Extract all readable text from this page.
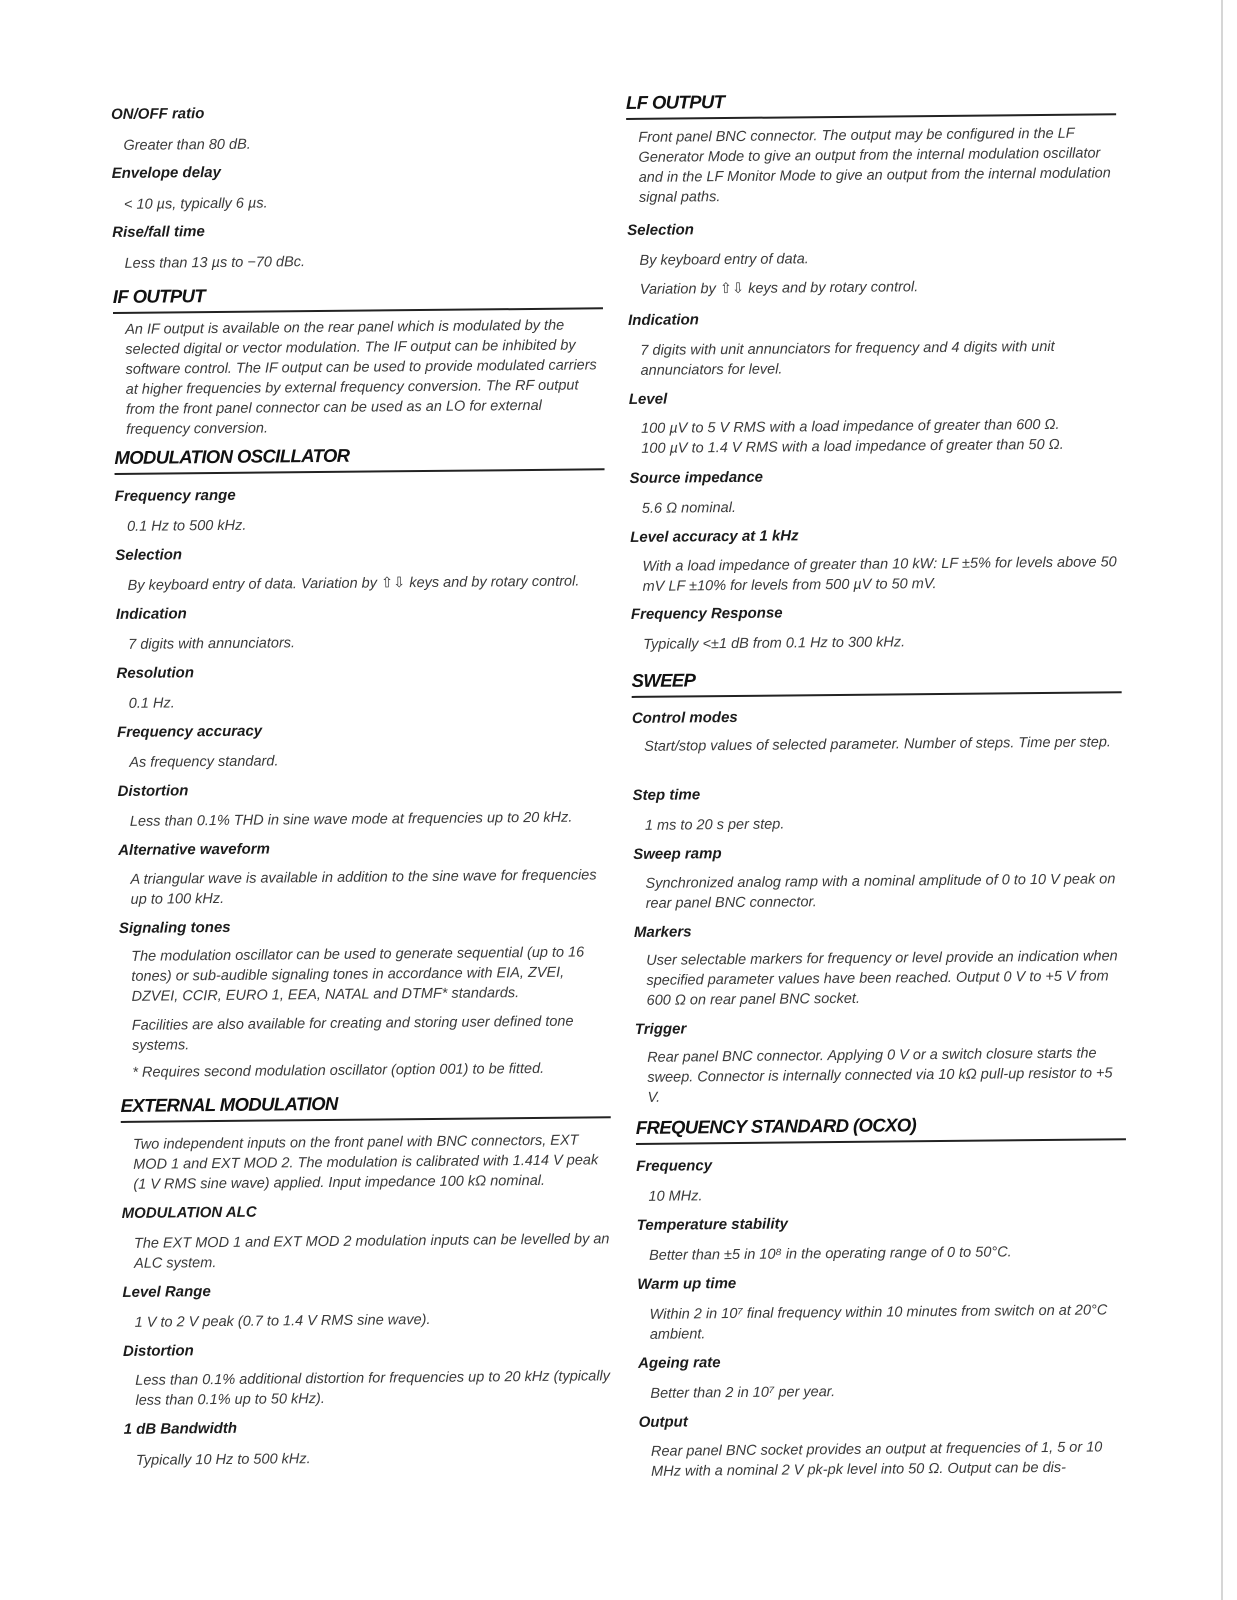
ON/OFF ratio

Greater than 80 dB.

Envelope delay

< 10 µs, typically 6 µs.

Rise/fall time

Less than 13 µs to −70 dBc.

IF OUTPUT

An IF output is available on the rear panel which is modulated by the selected digital or vector modulation. The IF output can be inhibited by software control. The IF output can be used to provide modulated carriers at higher frequencies by external frequency conversion. The RF output from the front panel connector can be used as an LO for external frequency conversion.

MODULATION OSCILLATOR

Frequency range

0.1 Hz to 500 kHz.

Selection

By keyboard entry of data. Variation by ⇧⇩ keys and by rotary control.

Indication

7 digits with annunciators.

Resolution

0.1 Hz.

Frequency accuracy

As frequency standard.

Distortion

Less than 0.1% THD in sine wave mode at frequencies up to 20 kHz.

Alternative waveform

A triangular wave is available in addition to the sine wave for frequencies up to 100 kHz.

Signaling tones

The modulation oscillator can be used to generate sequential (up to 16 tones) or sub-audible signaling tones in accordance with EIA, ZVEI, DZVEI, CCIR, EURO 1, EEA, NATAL and DTMF* standards.

Facilities are also available for creating and storing user defined tone systems.

* Requires second modulation oscillator (option 001) to be fitted.

EXTERNAL MODULATION

Two independent inputs on the front panel with BNC connectors, EXT MOD 1 and EXT MOD 2. The modulation is calibrated with 1.414 V peak (1 V RMS sine wave) applied. Input impedance 100 kΩ nominal.

MODULATION ALC

The EXT MOD 1 and EXT MOD 2 modulation inputs can be levelled by an ALC system.

Level Range

1 V to 2 V peak (0.7 to 1.4 V RMS sine wave).

Distortion

Less than 0.1% additional distortion for frequencies up to 20 kHz (typically less than 0.1% up to 50 kHz).

1 dB Bandwidth

Typically 10 Hz to 500 kHz.

LF OUTPUT

Front panel BNC connector. The output may be configured in the LF Generator Mode to give an output from the internal modulation oscillator and in the LF Monitor Mode to give an output from the internal modulation signal paths.

Selection

By keyboard entry of data.

Variation by ⇧⇩ keys and by rotary control.

Indication

7 digits with unit annunciators for frequency and 4 digits with unit annunciators for level.

Level

100 µV to 5 V RMS with a load impedance of greater than 600 Ω.

100 µV to 1.4 V RMS with a load impedance of greater than 50 Ω.

Source impedance

5.6 Ω nominal.

Level accuracy at 1 kHz

With a load impedance of greater than 10 kW: LF ±5% for levels above 50 mV LF ±10% for levels from 500 µV to 50 mV.

Frequency Response

Typically <±1 dB from 0.1 Hz to 300 kHz.

SWEEP

Control modes

Start/stop values of selected parameter. Number of steps. Time per step.

Step time

1 ms to 20 s per step.

Sweep ramp

Synchronized analog ramp with a nominal amplitude of 0 to 10 V peak on rear panel BNC connector.

Markers

User selectable markers for frequency or level provide an indication when specified parameter values have been reached. Output 0 V to +5 V from 600 Ω on rear panel BNC socket.

Trigger

Rear panel BNC connector. Applying 0 V or a switch closure starts the sweep. Connector is internally connected via 10 kΩ pull-up resistor to +5 V.

FREQUENCY STANDARD (OCXO)

Frequency

10 MHz.

Temperature stability

Better than ±5 in 10⁸ in the operating range of 0 to 50°C.

Warm up time

Within 2 in 10⁷ final frequency within 10 minutes from switch on at 20°C ambient.

Ageing rate

Better than 2 in 10⁷ per year.

Output

Rear panel BNC socket provides an output at frequencies of 1, 5 or 10 MHz with a nominal 2 V pk-pk level into 50 Ω. Output can be dis-
